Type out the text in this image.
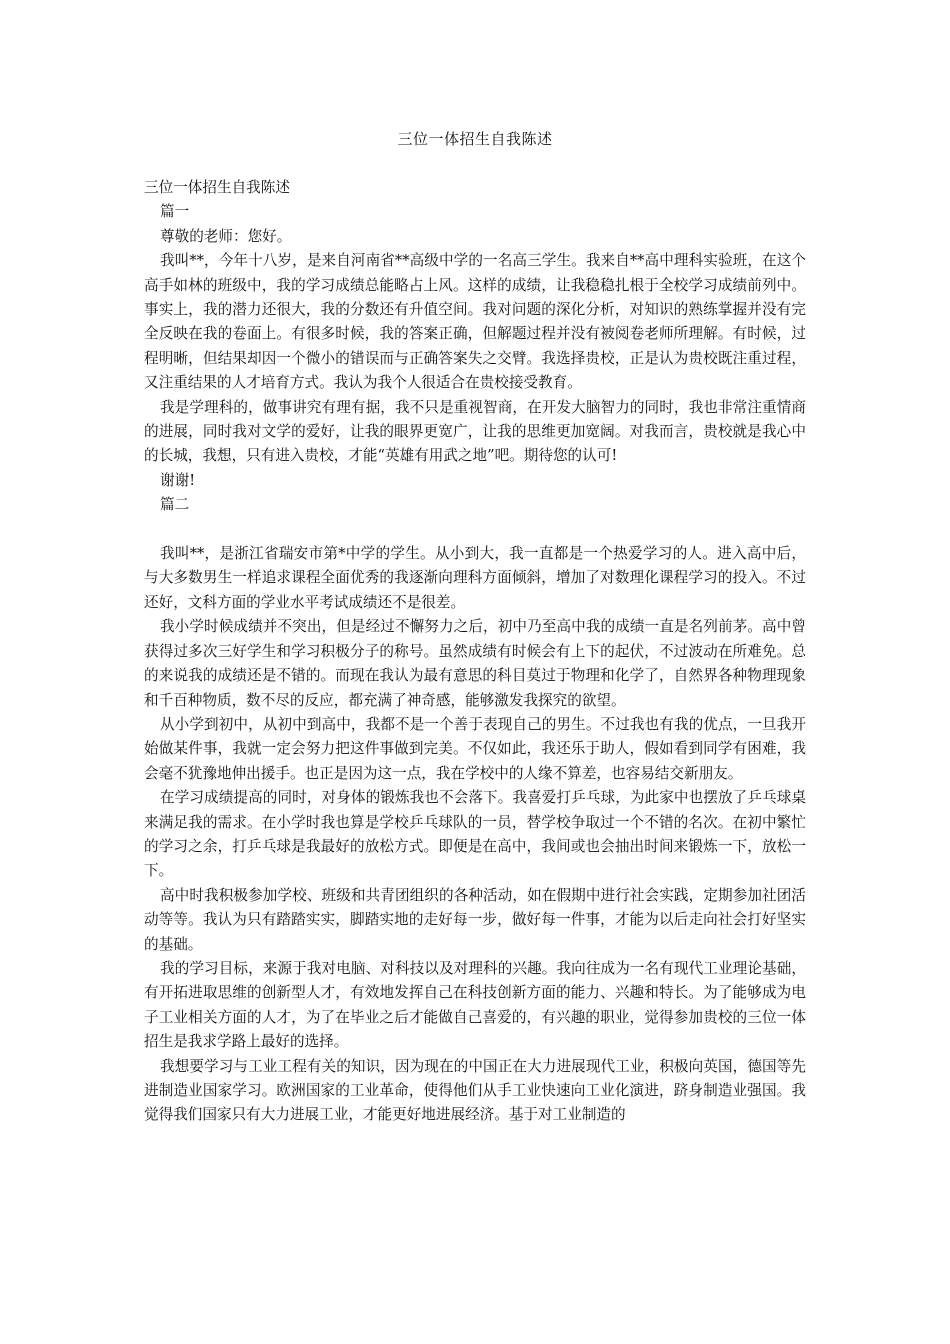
三位一体招生自我陈述

三位一体招生自我陈述

篇一

尊敬的老师：您好。

我叫**，今年十八岁，是来自河南省**高级中学的一名高三学生。我来自**高中理科实验班，在这个高手如林的班级中，我的学习成绩总能略占上风。这样的成绩，让我稳稳扎根于全校学习成绩前列中。事实上，我的潜力还很大，我的分数还有升值空间。我对问题的深化分析，对知识的熟练掌握并没有完全反映在我的卷面上。有很多时候，我的答案正确，但解题过程并没有被阅卷老师所理解。有时候，过程明晰，但结果却因一个微小的错误而与正确答案失之交臂。我选择贵校，正是认为贵校既注重过程，又注重结果的人才培育方式。我认为我个人很适合在贵校接受教育。

我是学理科的，做事讲究有理有据，我不只是重视智商，在开发大脑智力的同时，我也非常注重情商的进展，同时我对文学的爱好，让我的眼界更宽广，让我的思维更加宽阔。对我而言，贵校就是我心中的长城，我想，只有进入贵校，才能“英雄有用武之地”吧。期待您的认可!

谢谢!

篇二

我叫**，是浙江省瑞安市第*中学的学生。从小到大，我一直都是一个热爱学习的人。进入高中后，与大多数男生一样追求课程全面优秀的我逐渐向理科方面倾斜，增加了对数理化课程学习的投入。不过还好，文科方面的学业水平考试成绩还不是很差。

我小学时候成绩并不突出，但是经过不懈努力之后，初中乃至高中我的成绩一直是名列前茅。高中曾获得过多次三好学生和学习积极分子的称号。虽然成绩有时候会有上下的起伏，不过波动在所难免。总的来说我的成绩还是不错的。而现在我认为最有意思的科目莫过于物理和化学了，自然界各种物理现象和千百种物质，数不尽的反应，都充满了神奇感，能够激发我探究的欲望。

从小学到初中，从初中到高中，我都不是一个善于表现自己的男生。不过我也有我的优点，一旦我开始做某件事，我就一定会努力把这件事做到完美。不仅如此，我还乐于助人，假如看到同学有困难，我会毫不犹豫地伸出援手。也正是因为这一点，我在学校中的人缘不算差，也容易结交新朋友。

在学习成绩提高的同时，对身体的锻炼我也不会落下。我喜爱打乒乓球，为此家中也摆放了乒乓球桌来满足我的需求。在小学时我也算是学校乒乓球队的一员，替学校争取过一个不错的名次。在初中繁忙的学习之余，打乒乓球是我最好的放松方式。即便是在高中，我间或也会抽出时间来锻炼一下，放松一下。

高中时我积极参加学校、班级和共青团组织的各种活动，如在假期中进行社会实践，定期参加社团活动等等。我认为只有踏踏实实，脚踏实地的走好每一步，做好每一件事，才能为以后走向社会打好坚实的基础。

我的学习目标，来源于我对电脑、对科技以及对理科的兴趣。我向往成为一名有现代工业理论基础，有开拓进取思维的创新型人才，有效地发挥自己在科技创新方面的能力、兴趣和特长。为了能够成为电子工业相关方面的人才，为了在毕业之后才能做自己喜爱的，有兴趣的职业，觉得参加贵校的三位一体招生是我求学路上最好的选择。

我想要学习与工业工程有关的知识，因为现在的中国正在大力进展现代工业，积极向英国，德国等先进制造业国家学习。欧洲国家的工业革命，使得他们从手工业快速向工业化演进，跻身制造业强国。我觉得我们国家只有大力进展工业，才能更好地进展经济。基于对工业制造的
